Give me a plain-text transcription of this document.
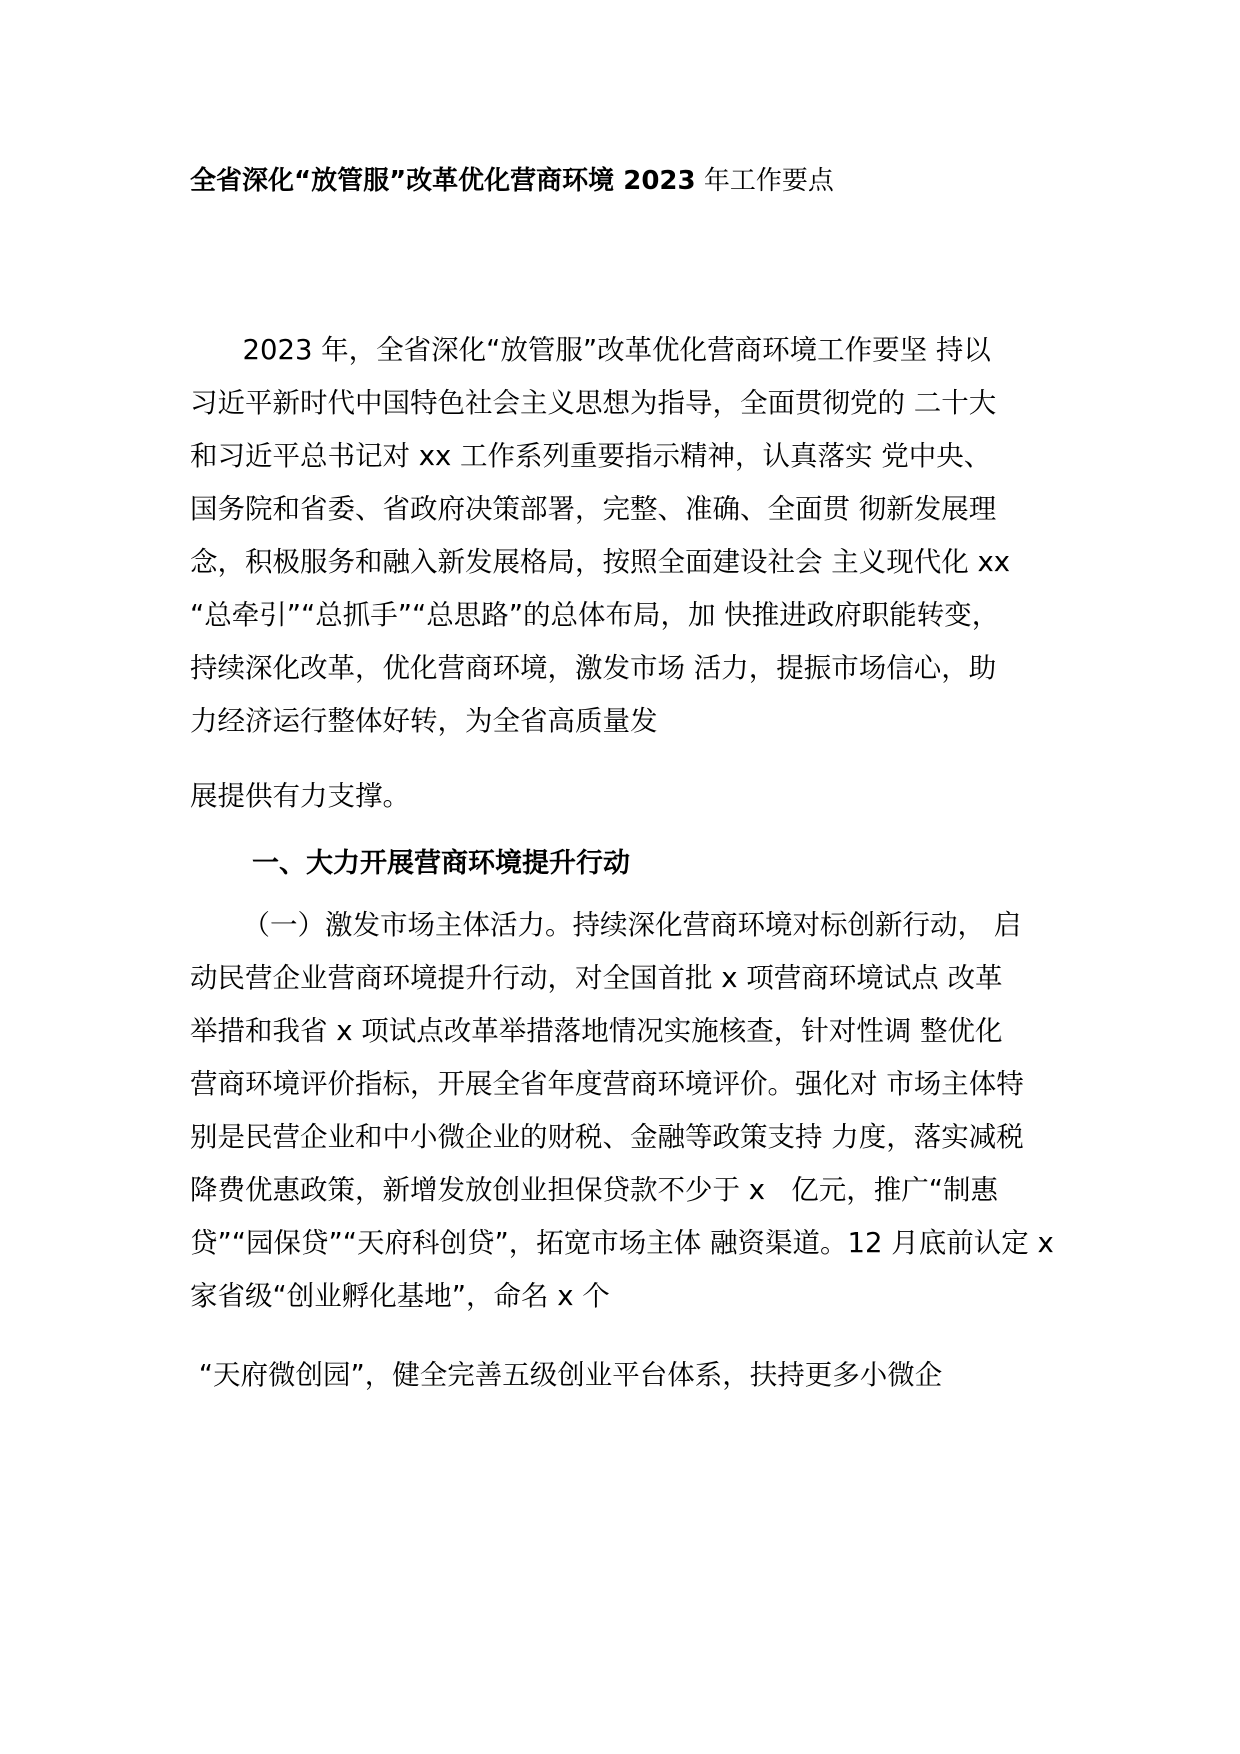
全省深化“放管服”改革优化营商环境 2023 年工作要点
2023 年，全省深化“放管服”改革优化营商环境工作要坚 持以
习近平新时代中国特色社会主义思想为指导，全面贯彻党的 二十大
和习近平总书记对 xx 工作系列重要指示精神，认真落实 党中央、
国务院和省委、省政府决策部署，完整、准确、全面贯 彻新发展理
念，积极服务和融入新发展格局，按照全面建设社会 主义现代化 xx
“总牵引”“总抓手”“总思路”的总体布局，加 快推进政府职能转变，
持续深化改革，优化营商环境，激发市场 活力，提振市场信心，助
力经济运行整体好转，为全省高质量发
展提供有力支撑。
一、大力开展营商环境提升行动
（一）激发市场主体活力。持续深化营商环境对标创新行动， 启
动民营企业营商环境提升行动，对全国首批 x 项营商环境试点 改革
举措和我省 x 项试点改革举措落地情况实施核查，针对性调 整优化
营商环境评价指标，开展全省年度营商环境评价。强化对 市场主体特
别是民营企业和中小微企业的财税、金融等政策支持 力度，落实减税
降费优惠政策，新增发放创业担保贷款不少于 x   亿元，推广“制惠
贷”“园保贷”“天府科创贷”，拓宽市场主体 融资渠道。12 月底前认定 x
家省级“创业孵化基地”，命名 x 个
“天府微创园”，健全完善五级创业平台体系，扶持更多小微企
